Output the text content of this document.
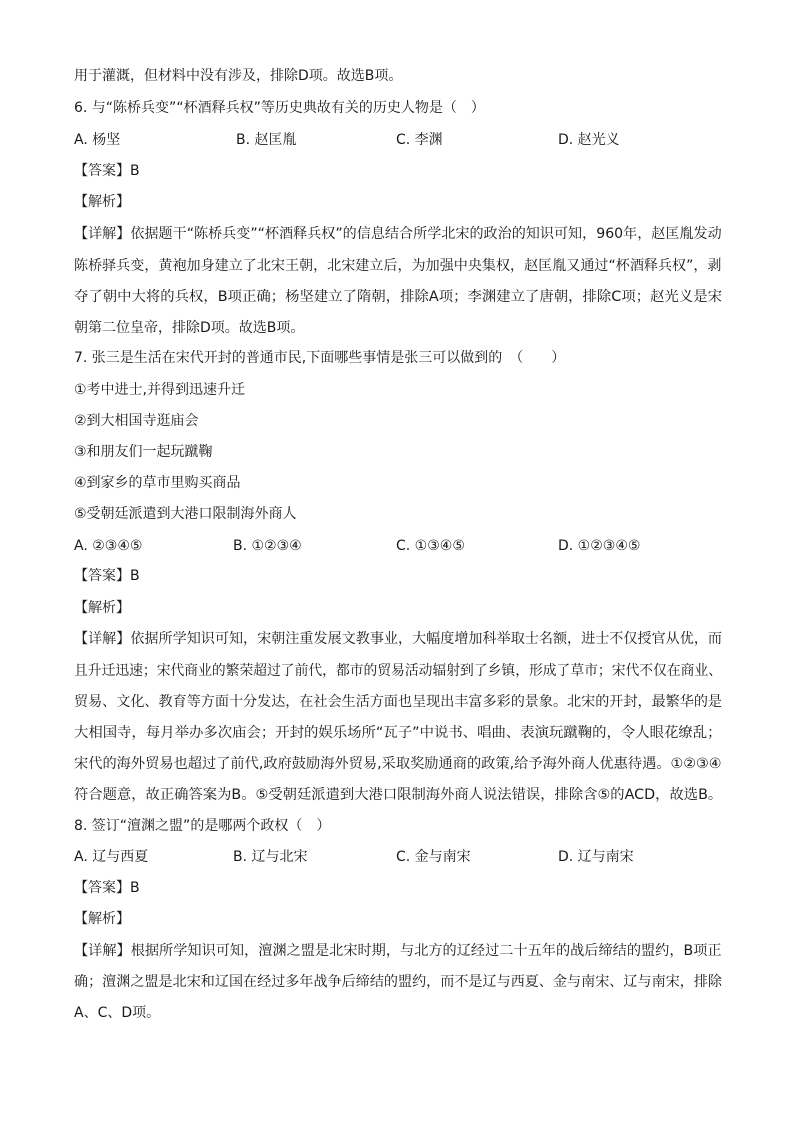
用于灌溉，但材料中没有涉及，排除D项。故选B项。
6. 与“陈桥兵变”“杯酒释兵权”等历史典故有关的历史人物是（　）
A. 杨坚	B. 赵匡胤	C. 李渊	D. 赵光义
【答案】B
【解析】
【详解】依据题干“陈桥兵变”“杯酒释兵权”的信息结合所学北宋的政治的知识可知，960年，赵匡胤发动
陈桥驿兵变，黄袍加身建立了北宋王朝，北宋建立后，为加强中央集权，赵匡胤又通过“杯酒释兵权”，剥
夺了朝中大将的兵权，B项正确；杨坚建立了隋朝，排除A项；李渊建立了唐朝，排除C项；赵光义是宋
朝第二位皇帝，排除D项。故选B项。
7. 张三是生活在宋代开封的普通市民,下面哪些事情是张三可以做到的　（　　）
①考中进士,并得到迅速升迁
②到大相国寺逛庙会
③和朋友们一起玩蹴鞠
④到家乡的草市里购买商品
⑤受朝廷派遣到大港口限制海外商人
A. ②③④⑤	B. ①②③④	C. ①③④⑤	D. ①②③④⑤
【答案】B
【解析】
【详解】依据所学知识可知，宋朝注重发展文教事业，大幅度增加科举取士名额，进士不仅授官从优，而
且升迁迅速；宋代商业的繁荣超过了前代，都市的贸易活动辐射到了乡镇，形成了草市；宋代不仅在商业、
贸易、文化、教育等方面十分发达，在社会生活方面也呈现出丰富多彩的景象。北宋的开封，最繁华的是
大相国寺，每月举办多次庙会；开封的娱乐场所“瓦子”中说书、唱曲、表演玩蹴鞠的，令人眼花缭乱；
宋代的海外贸易也超过了前代,政府鼓励海外贸易,采取奖励通商的政策,给予海外商人优惠待遇。①②③④
符合题意，故正确答案为B。⑤受朝廷派遣到大港口限制海外商人说法错误，排除含⑤的ACD，故选B。
8. 签订“澶渊之盟”的是哪两个政权（　）
A. 辽与西夏	B. 辽与北宋	C. 金与南宋	D. 辽与南宋
【答案】B
【解析】
【详解】根据所学知识可知，澶渊之盟是北宋时期，与北方的辽经过二十五年的战后缔结的盟约，B项正
确；澶渊之盟是北宋和辽国在经过多年战争后缔结的盟约，而不是辽与西夏、金与南宋、辽与南宋，排除
A、C、D项。
